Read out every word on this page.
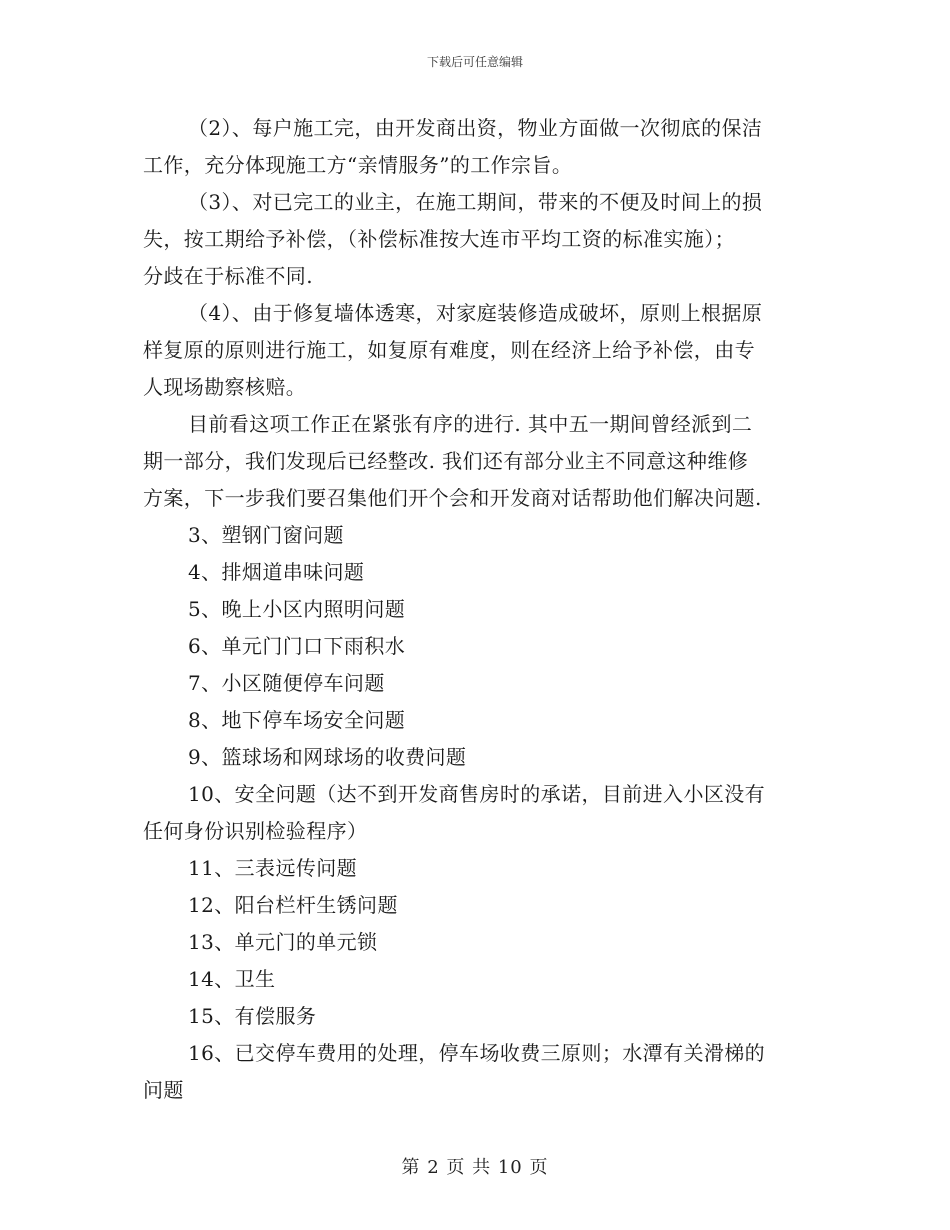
下载后可任意编辑
（2）、每户施工完，由开发商出资，物业方面做一次彻底的保洁
工作，充分体现施工方“亲情服务”的工作宗旨。
（3）、对已完工的业主，在施工期间，带来的不便及时间上的损
失，按工期给予补偿，（补偿标准按大连市平均工资的标准实施）；
分歧在于标准不同.
（4）、由于修复墙体透寒，对家庭装修造成破坏，原则上根据原
样复原的原则进行施工，如复原有难度，则在经济上给予补偿，由专
人现场勘察核赔。
目前看这项工作正在紧张有序的进行. 其中五一期间曾经派到二
期一部分，我们发现后已经整改. 我们还有部分业主不同意这种维修
方案，下一步我们要召集他们开个会和开发商对话帮助他们解决问题.
3、塑钢门窗问题
4、排烟道串味问题
5、晚上小区内照明问题
6、单元门门口下雨积水
7、小区随便停车问题
8、地下停车场安全问题
9、篮球场和网球场的收费问题
10、安全问题（达不到开发商售房时的承诺，目前进入小区没有
任何身份识别检验程序）
11、三表远传问题
12、阳台栏杆生锈问题
13、单元门的单元锁
14、卫生
15、有偿服务
16、已交停车费用的处理，停车场收费三原则；水潭有关滑梯的
问题
第 2 页 共 10 页
